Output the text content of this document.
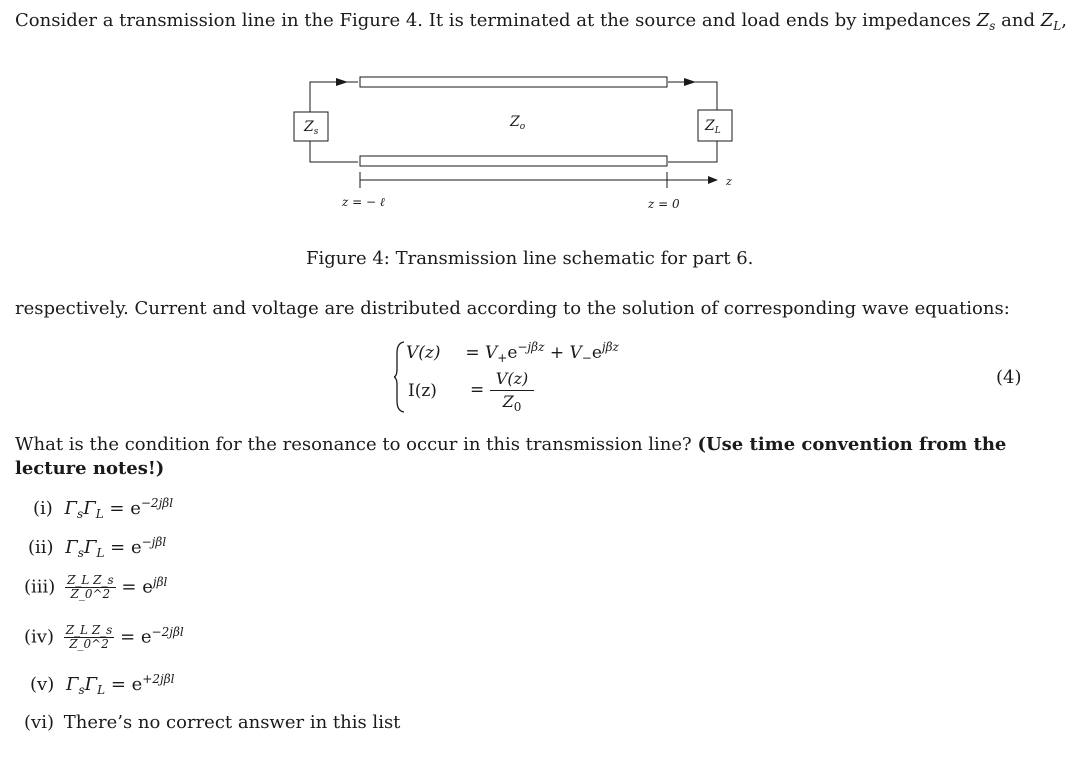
Consider a transmission line in the Figure 4. It is terminated at the source and load ends by impedances $Z_s$ and $Z_L$,
$Z_s$
$Z_o$	$Z_L$
z
z = − ℓ	z = 0
Figure 4: Transmission line schematic for part 6.
respectively. Current and voltage are distributed according to the solution of corresponding wave equations:
$V(z) = V_+e^{-j\beta z} + V_-e^{j\beta z}$
$I(z) = \frac{V(z)}{Z_0}$	(4)
What is the condition for the resonance to occur in this transmission line? (Use time convention from the
lecture notes!)
(i) $\Gamma_s\Gamma_L = e^{-2j\beta l}$
(ii) $\Gamma_s\Gamma_L = e^{-j\beta l}$
$(iii) \frac{\text{Z\_L Z\_s}}{Z\_0\^{}2} = e^{j\beta l}$
$(iv) \frac{\text{Z\_L Z\_s}}{Z\_0\^{}2} = e^{-2j\beta l}$
(v) $\Gamma_s\Gamma_L = e^{+2j\beta l}$
(vi) There’s no correct answer in this list
